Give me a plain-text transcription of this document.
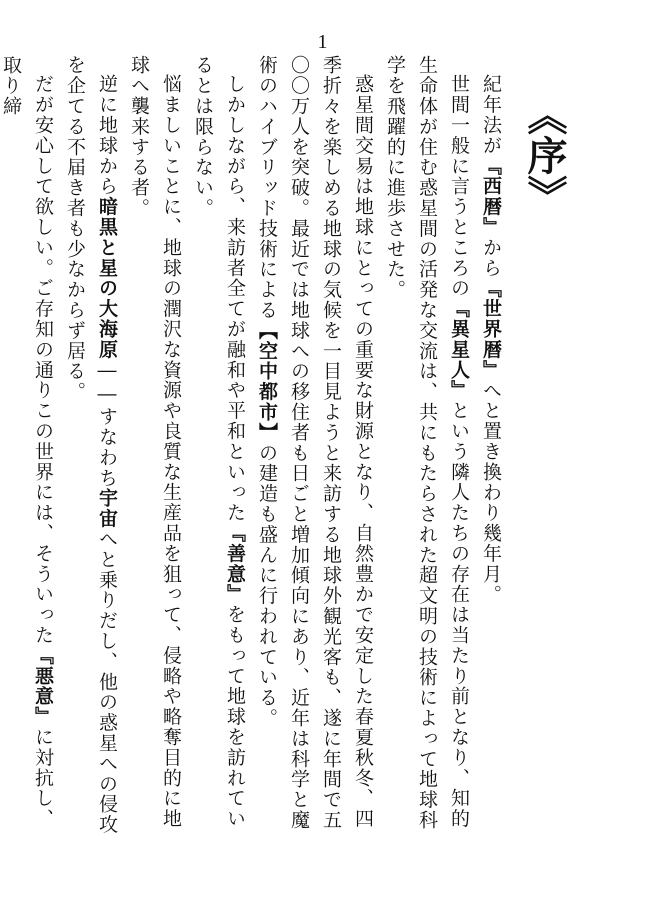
1
《序》

紀年法が『西暦』から『世界暦』へと置き換わり幾年月。

世間一般に言うところの『異星人』という隣人たちの存在は当たり前となり、知的生命体が住む惑星間の活発な交流は、共にもたらされた超文明の技術によって地球科学を飛躍的に進歩させた。

惑星間交易は地球にとっての重要な財源となり、自然豊かで安定した春夏秋冬、四季折々を楽しめる地球の気候を一目見ようと来訪する地球外観光客も、遂に年間で五〇〇万人を突破。最近では地球への移住者も日ごと増加傾向にあり、近年は科学と魔術のハイブリッド技術による【空中都市】の建造も盛んに行われている。

しかしながら、来訪者全てが融和や平和といった『善意』をもって地球を訪れているとは限らない。

悩ましいことに、地球の潤沢な資源や良質な生産品を狙って、侵略や略奪目的に地球へ襲来する者。

逆に地球から暗黒と星の大海原――すなわち宇宙へと乗りだし、他の惑星への侵攻を企てる不届き者も少なからず居る。

だが安心して欲しい。ご存知の通りこの世界には、そういった『悪意』に対抗し、取り締
